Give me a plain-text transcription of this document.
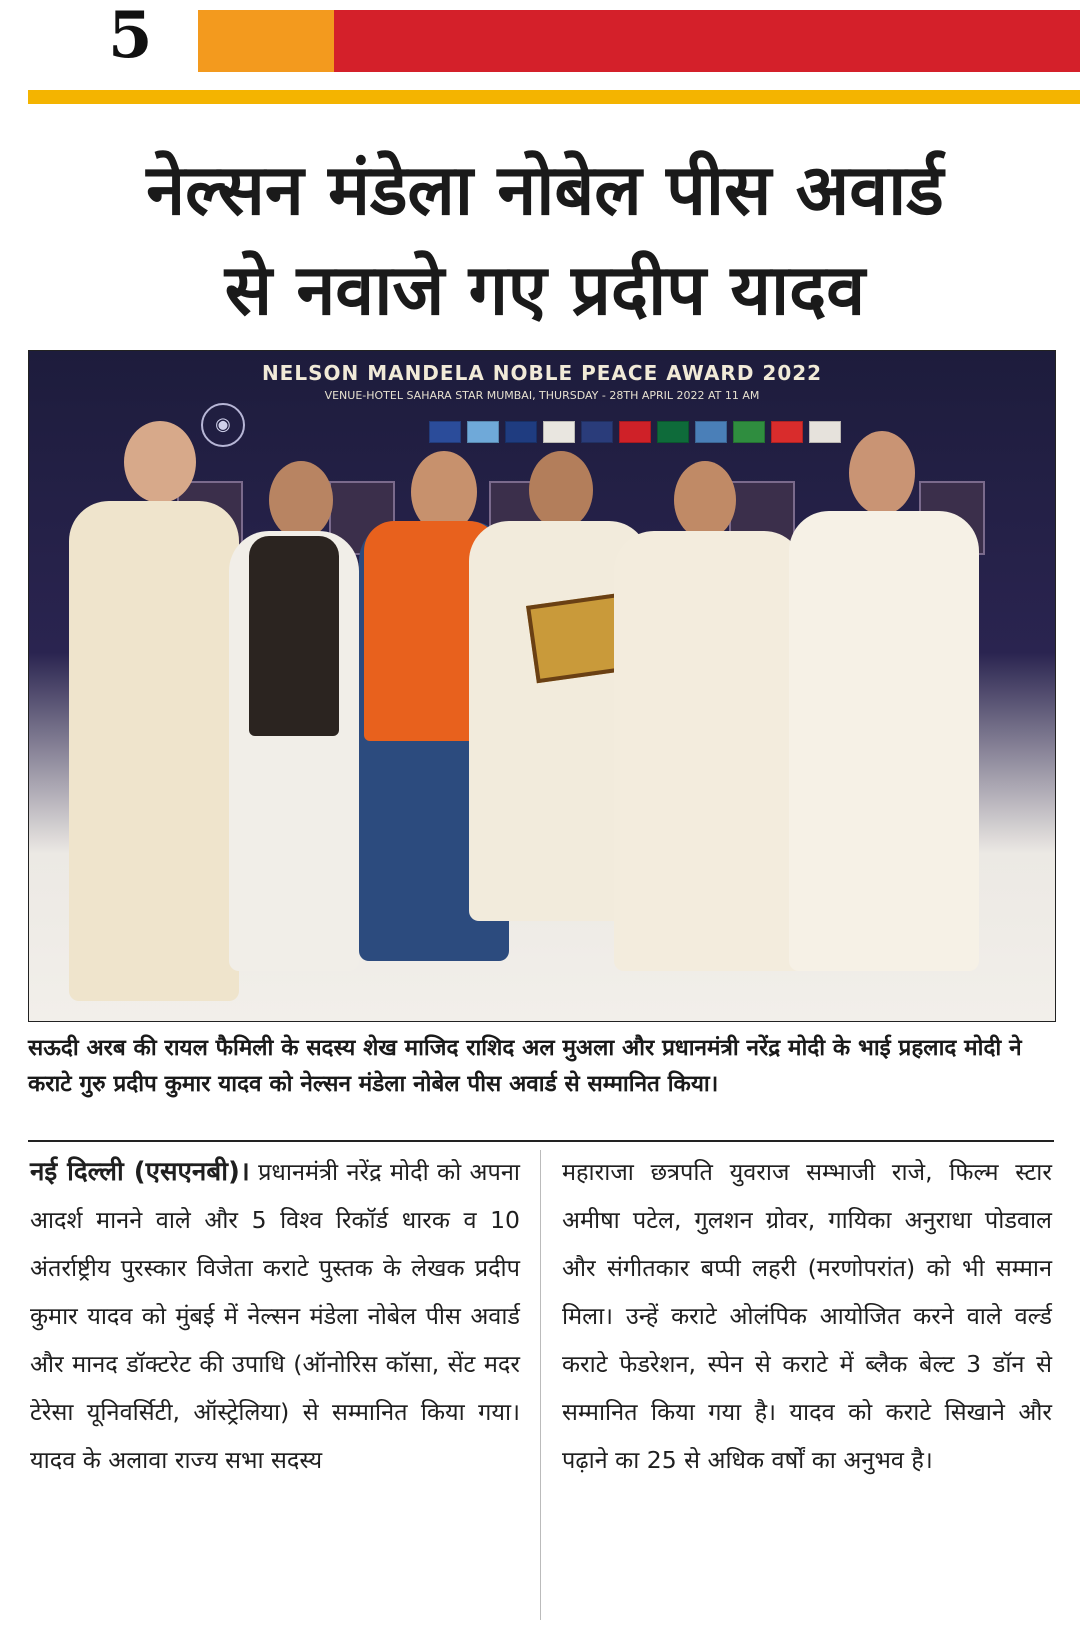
5
नेल्सन मंडेला नोबेल पीस अवार्ड
से नवाजे गए प्रदीप यादव
NELSON MANDELA NOBLE PEACE AWARD 2022
VENUE-HOTEL SAHARA STAR MUMBAI, THURSDAY - 28TH APRIL 2022 AT 11 AM
◉
सऊदी अरब की रायल फैमिली के सदस्य शेख माजिद राशिद अल मुअला और प्रधानमंत्री नरेंद्र मोदी के भाई प्रहलाद मोदी ने कराटे गुरु प्रदीप कुमार यादव को नेल्सन मंडेला नोबेल पीस अवार्ड से सम्मानित किया।
नई दिल्ली (एसएनबी)। प्रधानमंत्री नरेंद्र मोदी को अपना आदर्श मानने वाले और 5 विश्व रिकॉर्ड धारक व 10 अंतर्राष्ट्रीय पुरस्कार विजेता कराटे पुस्तक के लेखक प्रदीप कुमार यादव को मुंबई में नेल्सन मंडेला नोबेल पीस अवार्ड और मानद डॉक्टरेट की उपाधि (ऑनोरिस कॉसा, सेंट मदर टेरेसा यूनिवर्सिटी, ऑस्ट्रेलिया) से सम्मानित किया गया। यादव के अलावा राज्य सभा सदस्य
महाराजा छत्रपति युवराज सम्भाजी राजे, फिल्म स्टार अमीषा पटेल, गुलशन ग्रोवर, गायिका अनुराधा पोडवाल और संगीतकार बप्पी लहरी (मरणोपरांत) को भी सम्मान मिला। उन्हें कराटे ओलंपिक आयोजित करने वाले वर्ल्ड कराटे फेडरेशन, स्पेन से कराटे में ब्लैक बेल्ट 3 डॉन से सम्मानित किया गया है। यादव को कराटे सिखाने और पढ़ाने का 25 से अधिक वर्षों का अनुभव है।
